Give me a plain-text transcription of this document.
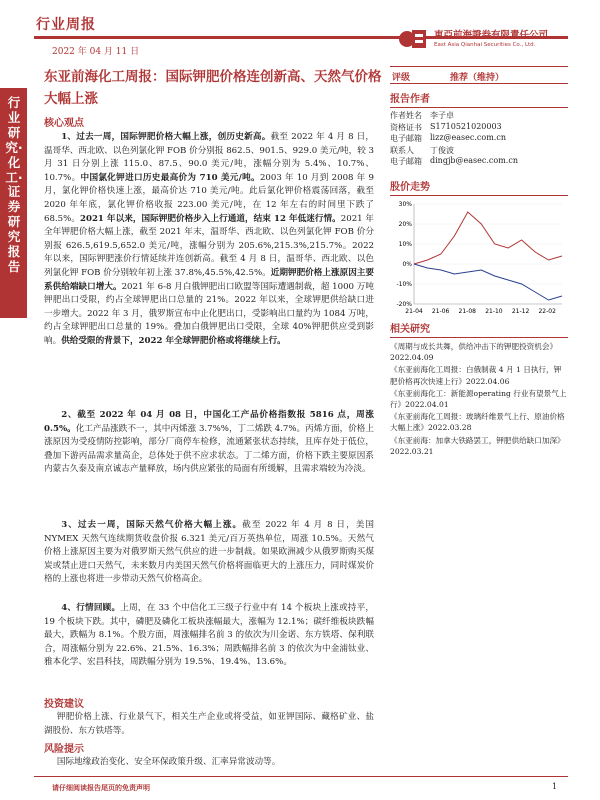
行业周报
2022 年 04 月 11 日
東亞前海證券有限責任公司
East Asia Qianhai Securities Co., Ltd.
行业研究·化工·证券研究报告
东亚前海化工周报：国际钾肥价格连创新高、天然气价格大幅上涨
核心观点
1、过去一周，国际钾肥价格大幅上涨，创历史新高。截至 2022 年 4 月 8 日，温哥华、西北欧、以色列氯化钾 FOB 价分别报 862.5、901.5、929.0 美元/吨，较 3 月 31 日分别上涨 115.0、87.5、90.0 美元/吨，涨幅分别为 5.4%、10.7%、10.7%。中国氯化钾进口历史最高价为 710 美元/吨。2003 年 10 月到 2008 年 9 月，氯化钾价格快速上涨，最高价达 710 美元/吨。此后氯化钾价格震荡回落，截至 2020 年年底，氯化钾价格收报 223.00 美元/吨，在 12 年左右的时间里下跌了 68.5%。2021 年以来，国际钾肥价格步入上行通道，结束 12 年低迷行情。2021 年全年钾肥价格大幅上涨，截至 2021 年末，温哥华、西北欧、以色列氯化钾 FOB 价分别报 626.5,619.5,652.0 美元/吨，涨幅分别为 205.6%,215.3%,215.7%。2022 年以来，国际钾肥涨价行情延续并连创新高。截至 4 月 8 日，温哥华、西北欧、以色列氯化钾 FOB 价分别较年初上涨 37.8%,45.5%,42.5%。近期钾肥价格上涨原因主要系供给端缺口增大。2021 年 6-8 月白俄钾肥出口欧盟等国际遭遇制裁，超 1000 万吨钾肥出口受限，约占全球钾肥出口总量的 21%。2022 年以来，全球钾肥供给缺口进一步增大。2022 年 3 月，俄罗斯宣布中止化肥出口，受影响出口量约为 1084 万吨，约占全球钾肥出口总量的 19%。叠加白俄钾肥出口受限，全球 40%钾肥供应受到影响。供给受限的背景下，2022 年全球钾肥价格或将继续上行。
2、截至 2022 年 04 月 08 日，中国化工产品价格指数报 5816 点，周涨 0.5%。化工产品涨跌不一，其中丙烯涨 3.7%%，丁二烯跌 4.7%。丙烯方面，价格上涨原因为受疫情防控影响，部分厂商停车检修，流通紧张状态持续，且库存处于低位，叠加下游丙品需求量高企，总体处于供不应求状态。丁二烯方面，价格下跌主要原因系内蒙古久泰及南京诚志产量释放，场内供应紧张的局面有所缓解，且需求端较为冷淡。
3、过去一周，国际天然气价格大幅上涨。截至 2022 年 4 月 8 日，美国 NYMEX 天然气连续期货收盘价报 6.321 美元/百万英热单位，周涨 10.5%。天然气价格上涨原因主要为对俄罗斯天然气供应的进一步制裁。如果欧洲减少从俄罗斯购买煤炭或禁止进口天然气，未来数月内美国天然气价格将面临更大的上涨压力，同时煤炭价格的上涨也将进一步带动天然气价格高企。
4、行情回顾。上周，在 33 个中信化工三级子行业中有 14 个板块上涨或持平，19 个板块下跌。其中，磷肥及磷化工板块涨幅最大，涨幅为 12.1%；碳纤维板块跌幅最大，跌幅为 8.1%。个股方面，周涨幅排名前 3 的依次为川金诺、东方铁塔、保利联合，周涨幅分别为 22.6%、21.5%、16.3%；周跌幅排名前 3 的依次为中金浦钛业、雅本化学、宏昌科技，周跌幅分别为 19.5%、19.4%、13.6%。
投资建议
钾肥价格上涨、行业景气下，相关生产企业或将受益，如亚钾国际、藏格矿业、盐湖股份、东方铁塔等。
风险提示
国际地缘政治变化、安全环保政策升级、汇率异常波动等。
评级	推荐（维持）
报告作者
作者姓名	李子卓
资格证书	S1710521020003
电子邮箱	lizz@easec.com.cn
联系人	丁俊波
电子邮箱	dingjb@easec.com.cn
股价走势
30%
20%
10%
0%
-10%
-20%
21-04 21-06 21-08 21-10 21-12 22-02
相关研究
《周期与成长共舞，供给冲击下的钾肥投资机会》2022.04.09
《东亚前海化工周报：白俄制裁 4 月 1 日执行，钾肥价格再次快速上行》2022.04.06
《东亚前海化工：新能源operating 行业有望景气上行》2022.04.01
《东亚前海化工周报：玻璃纤维景气上行、原油价格大幅上涨》2022.03.28
《东亚前海：加拿大铁路罢工，钾肥供给缺口加深》2022.03.21
请仔细阅读报告尾页的免责声明	1
